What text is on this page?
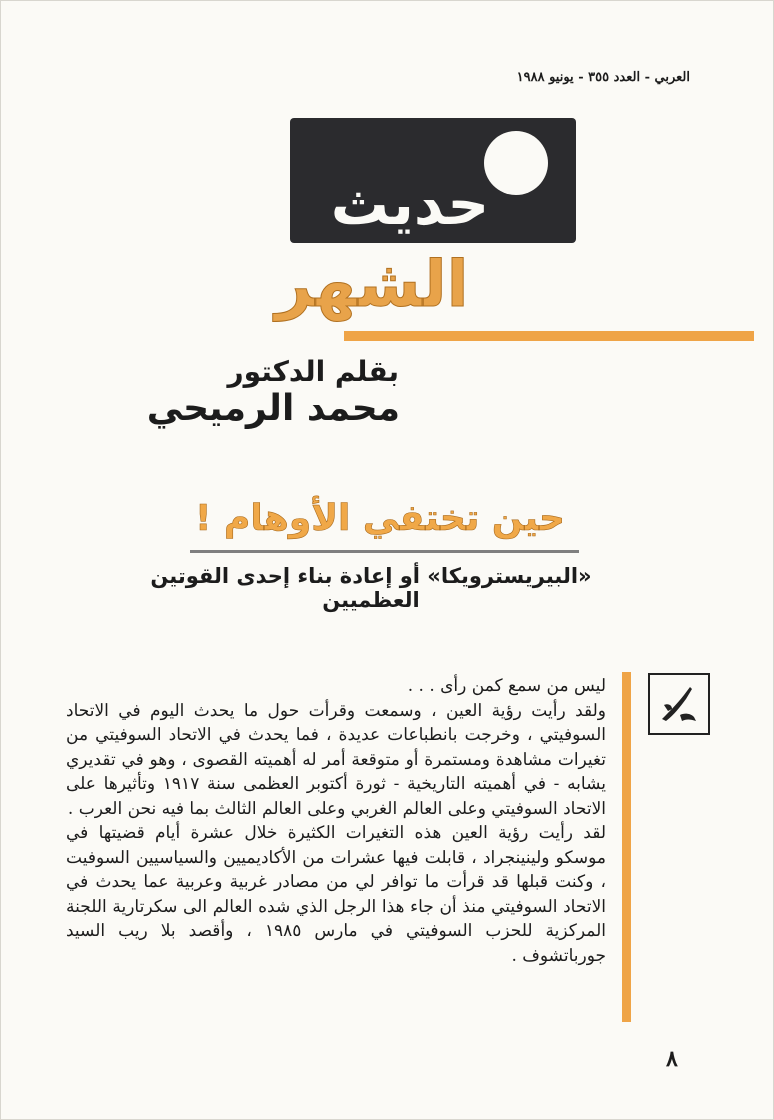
العربي - العدد ٣٥٥ - يونيو ١٩٨٨
حديث
الشهر
بقلم الدكتور
محمد الرميحي
حين تختفي الأوهام !
«البيريسترويكا» أو إعادة بناء إحدى القوتين العظميين

ليس من سمع كمن رأى . . .

ولقد رأيت رؤية العين ، وسمعت وقرأت حول ما يحدث اليوم في الاتحاد السوفيتي ، وخرجت بانطباعات عديدة ، فما يحدث في الاتحاد السوفيتي من تغيرات مشاهدة ومستمرة أو متوقعة أمر له أهميته القصوى ، وهو في تقديري يشابه - في أهميته التاريخية - ثورة أكتوبر العظمى سنة ١٩١٧ وتأثيرها على الاتحاد السوفيتي وعلى العالم الغربي وعلى العالم الثالث بما فيه نحن العرب .

لقد رأيت رؤية العين هذه التغيرات الكثيرة خلال عشرة أيام قضيتها في موسكو ولينينجراد ، قابلت فيها عشرات من الأكاديميين والسياسيين السوفيت ، وكنت قبلها قد قرأت ما توافر لي من مصادر غربية وعربية عما يحدث في الاتحاد السوفيتي منذ أن جاء هذا الرجل الذي شده العالم الى سكرتارية اللجنة المركزية للحزب السوفيتي في مارس ١٩٨٥ ، وأقصد بلا ريب السيد جورباتشوف .

٨
